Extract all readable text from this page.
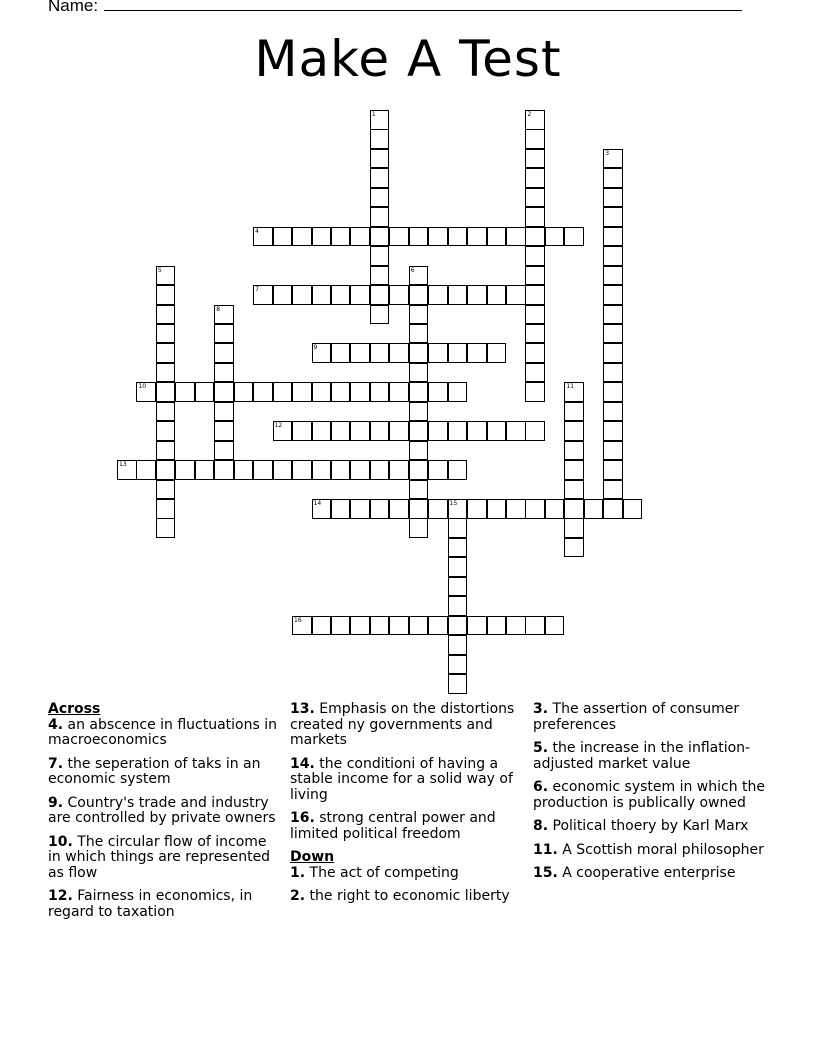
Name:
Make A Test
1	2
3
4
5	6
7
8
9
10	11
12
13
14	15
16

Across

4. an abscence in fluctuations in macroeconomics
7. the seperation of taks in an economic system
9. Country's trade and industry are controlled by private owners
10. The circular flow of income in which things are represented as flow
12. Fairness in economics, in regard to taxation
13. Emphasis on the distortions created ny governments and markets
14. the conditioni of having a stable income for a solid way of living
16. strong central power and limited political freedom

Down

1. The act of competing
2. the right to economic liberty
3. The assertion of consumer preferences
5. the increase in the inflation-adjusted market value
6. economic system in which the production is publically owned
8. Political thoery by Karl Marx
11. A Scottish moral philosopher
15. A cooperative enterprise
